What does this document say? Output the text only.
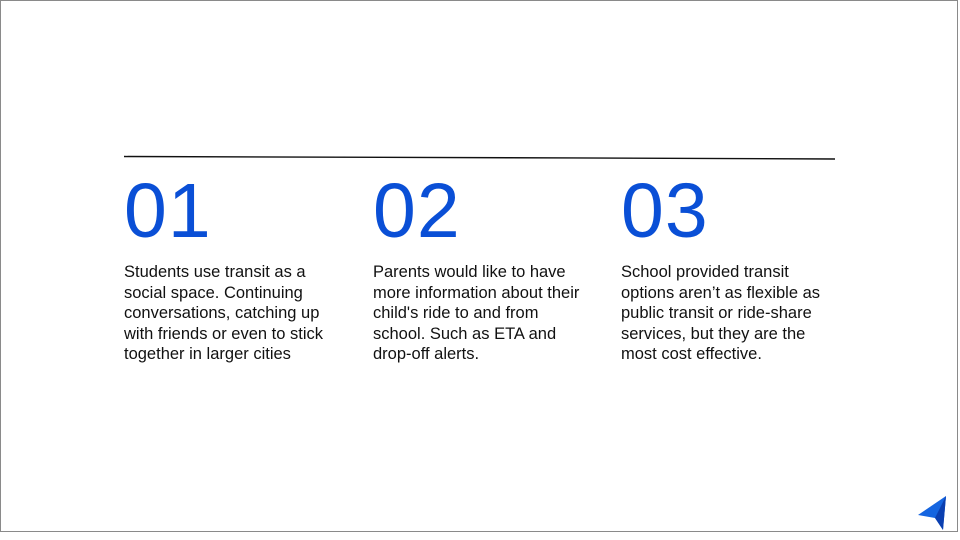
01
Students use transit as a social space. Continuing conversations, catching up with friends or even to stick together in larger cities
02
Parents would like to have more information about their child's ride to and from school. Such as ETA and drop-off alerts.
03
School provided transit options aren’t as flexible as public transit or ride-share services, but they are the most cost effective.
